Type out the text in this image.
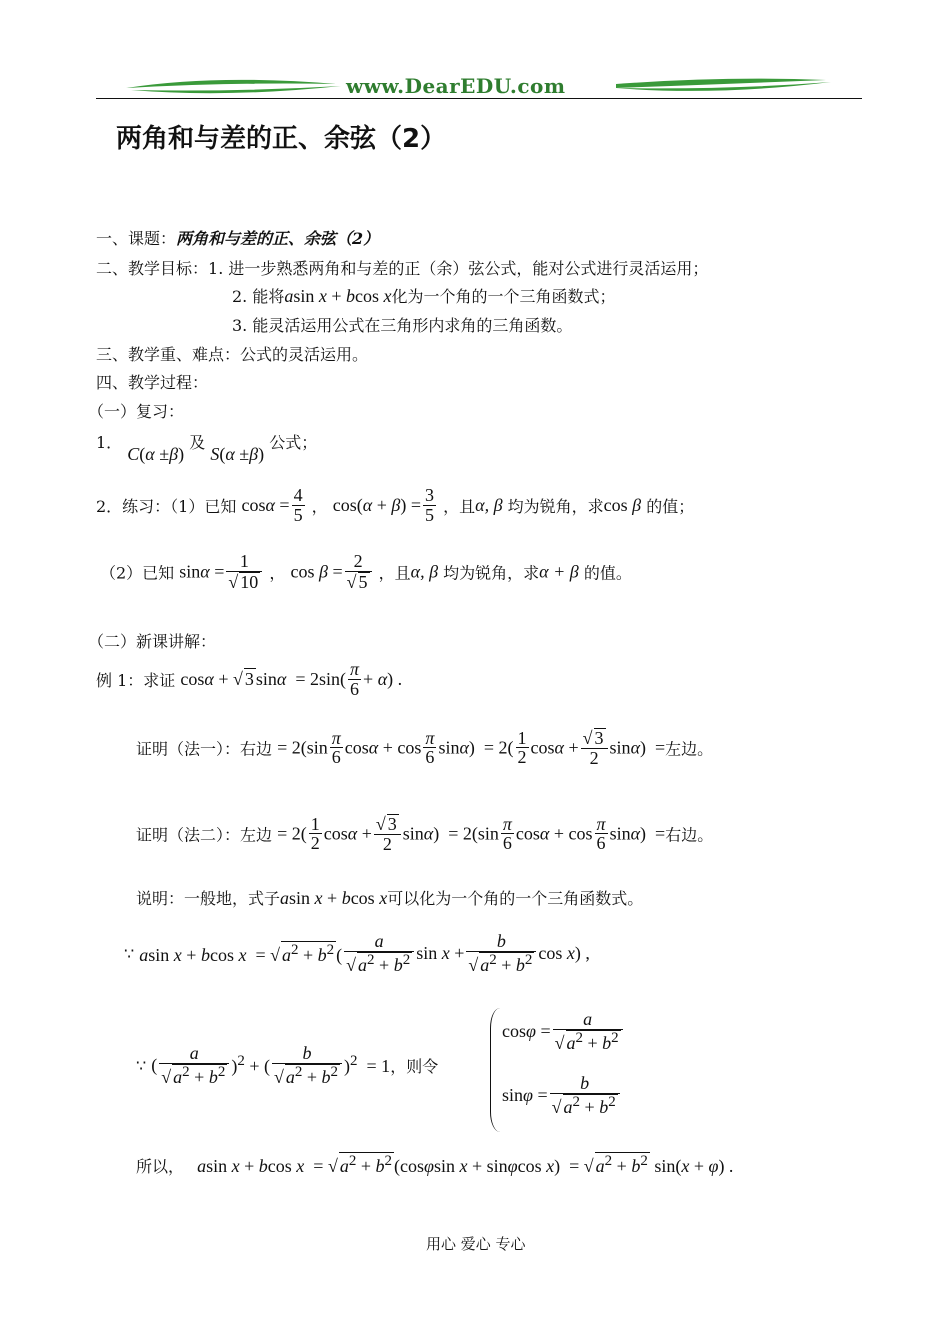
www.DearEDU.com
两角和与差的正、余弦（2）
一、课题：两角和与差的正、余弦（2）
二、教学目标：1. 进一步熟悉两角和与差的正（余）弦公式，能对公式进行灵活运用；
2. 能将asin x + bcos x化为一个角的一个三角函数式；
3. 能灵活运用公式在三角形内求角的三角函数。
三、教学重、难点：公式的灵活运用。
四、教学过程：
（一）复习：
1． C(α ±β) 及 S(α ±β) 公式；
2．练习：（1）已知 $\cos\alpha = \frac{4}{5}$ ， $\cos(\alpha + \beta) = \frac{3}{5}$ ，且α, β 均为锐角，求cos β 的值；
（2）已知 $\sin\alpha = \frac{1}{√ 10}$ ， $\cos \beta = \frac{2}{√ 5}$ ，且α, β 均为锐角，求α + β 的值。
（二）新课讲解：
例 1：求证 cosα + √ 3 $\sin\alpha = 2\sin( \frac{\pi}{6} + \alpha)$ .
证明（法一）：右边 = $2(\sin \frac{\pi}{6}$ $\cos\alpha + \cos \frac{\pi}{6} \sin\alpha) = 2( \frac{1}{2}$ $\cos\alpha + \frac{√ 3}{2} \sin\alpha$)  =左边。
证明（法二）：左边 = $2( \frac{1}{2}$ $\cos\alpha + \frac{√ 3}{2} \sin\alpha) = 2(\sin \frac{\pi}{6}$ $\cos\alpha + \cos \frac{\pi}{6} \sin\alpha$)  =右边。
说明：一般地，式子asin x + bcos x可以化为一个角的一个三角函数式。
∵ asin x + bcos x  = √ $a^2 + b^2$ ( $\frac{a}{√ a^2 + b^2}$ $\sin x + \frac{b}{√ a^2 + b^2}$ cos x) ,
∵ ( $\frac{a}{√ a^2 + b^2} )^2$ + ( $\frac{b}{√ a^2 + b^2} )^2 = 1$，则令
$\cos\varphi = \frac{a}{√ a^2 + b^2}$
$\sin\varphi = \frac{b}{√ a^2 + b^2}$
所以， asin x + bcos x  = √ $a^2 + b^2$ (cosφsin x + sinφcos x)  = √ $a^2 + b^2$ sin(x + φ) .
用心 爱心 专心
